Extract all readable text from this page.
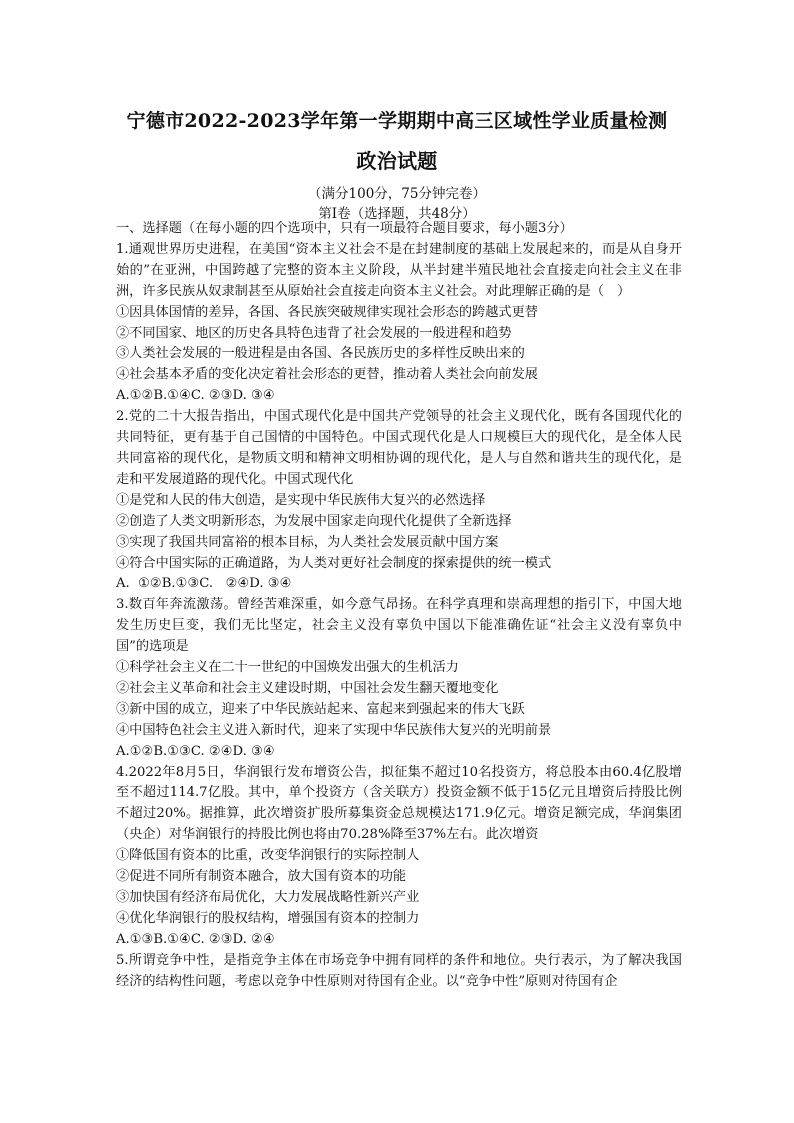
宁德市2022-2023学年第一学期期中高三区域性学业质量检测
政治试题
（满分100分，75分钟完卷）
第Ⅰ卷（选择题，共48分）

一、选择题（在每小题的四个选项中，只有一项最符合题目要求，每小题3分）

1.通观世界历史进程，在美国“资本主义社会不是在封建制度的基础上发展起来的，而是从自身开始的”在亚洲，中国跨越了完整的资本主义阶段，从半封建半殖民地社会直接走向社会主义在非洲，许多民族从奴隶制甚至从原始社会直接走向资本主义社会。对此理解正确的是（　）

①因具体国情的差异，各国、各民族突破规律实现社会形态的跨越式更替

②不同国家、地区的历史各具特色违背了社会发展的一般进程和趋势

③人类社会发展的一般进程是由各国、各民族历史的多样性反映出来的

④社会基本矛盾的变化决定着社会形态的更替，推动着人类社会向前发展

A.①②B.①④C. ②③D. ③④

2.党的二十大报告指出，中国式现代化是中国共产党领导的社会主义现代化，既有各国现代化的共同特征，更有基于自己国情的中国特色。中国式现代化是人口规模巨大的现代化，是全体人民共同富裕的现代化，是物质文明和精神文明相协调的现代化，是人与自然和谐共生的现代化，是走和平发展道路的现代化。中国式现代化

①是党和人民的伟大创造，是实现中华民族伟大复兴的必然选择

②创造了人类文明新形态，为发展中国家走向现代化提供了全新选择

③实现了我国共同富裕的根本目标，为人类社会发展贡献中国方案

④符合中国实际的正确道路，为人类对更好社会制度的探索提供的统一模式

A.  ①②B.①③C.   ②④D. ③④

3.数百年奔流激荡。曾经苦难深重，如今意气昂扬。在科学真理和崇高理想的指引下，中国大地发生历史巨变，我们无比坚定，社会主义没有辜负中国以下能准确佐证“社会主义没有辜负中国”的选项是

①科学社会主义在二十一世纪的中国焕发出强大的生机活力

②社会主义革命和社会主义建设时期，中国社会发生翻天覆地变化

③新中国的成立，迎来了中华民族站起来、富起来到强起来的伟大飞跃

④中国特色社会主义进入新时代，迎来了实现中华民族伟大复兴的光明前景

A.①②B.①③C. ②④D. ③④

4.2022年8月5日，华润银行发布增资公告，拟征集不超过10名投资方，将总股本由60.4亿股增至不超过114.7亿股。其中，单个投资方（含关联方）投资金额不低于15亿元且增资后持股比例不超过20%。据推算，此次增资扩股所募集资金总规模达171.9亿元。增资足额完成，华润集团（央企）对华润银行的持股比例也将由70.28%降至37%左右。此次增资

①降低国有资本的比重，改变华润银行的实际控制人

②促进不同所有制资本融合，放大国有资本的功能

③加快国有经济布局优化，大力发展战略性新兴产业

④优化华润银行的股权结构，增强国有资本的控制力

A.①③B.①④C. ②③D. ②④

5.所谓竞争中性，是指竞争主体在市场竞争中拥有同样的条件和地位。央行表示，为了解决我国经济的结构性问题，考虑以竞争中性原则对待国有企业。以“竞争中性”原则对待国有企
